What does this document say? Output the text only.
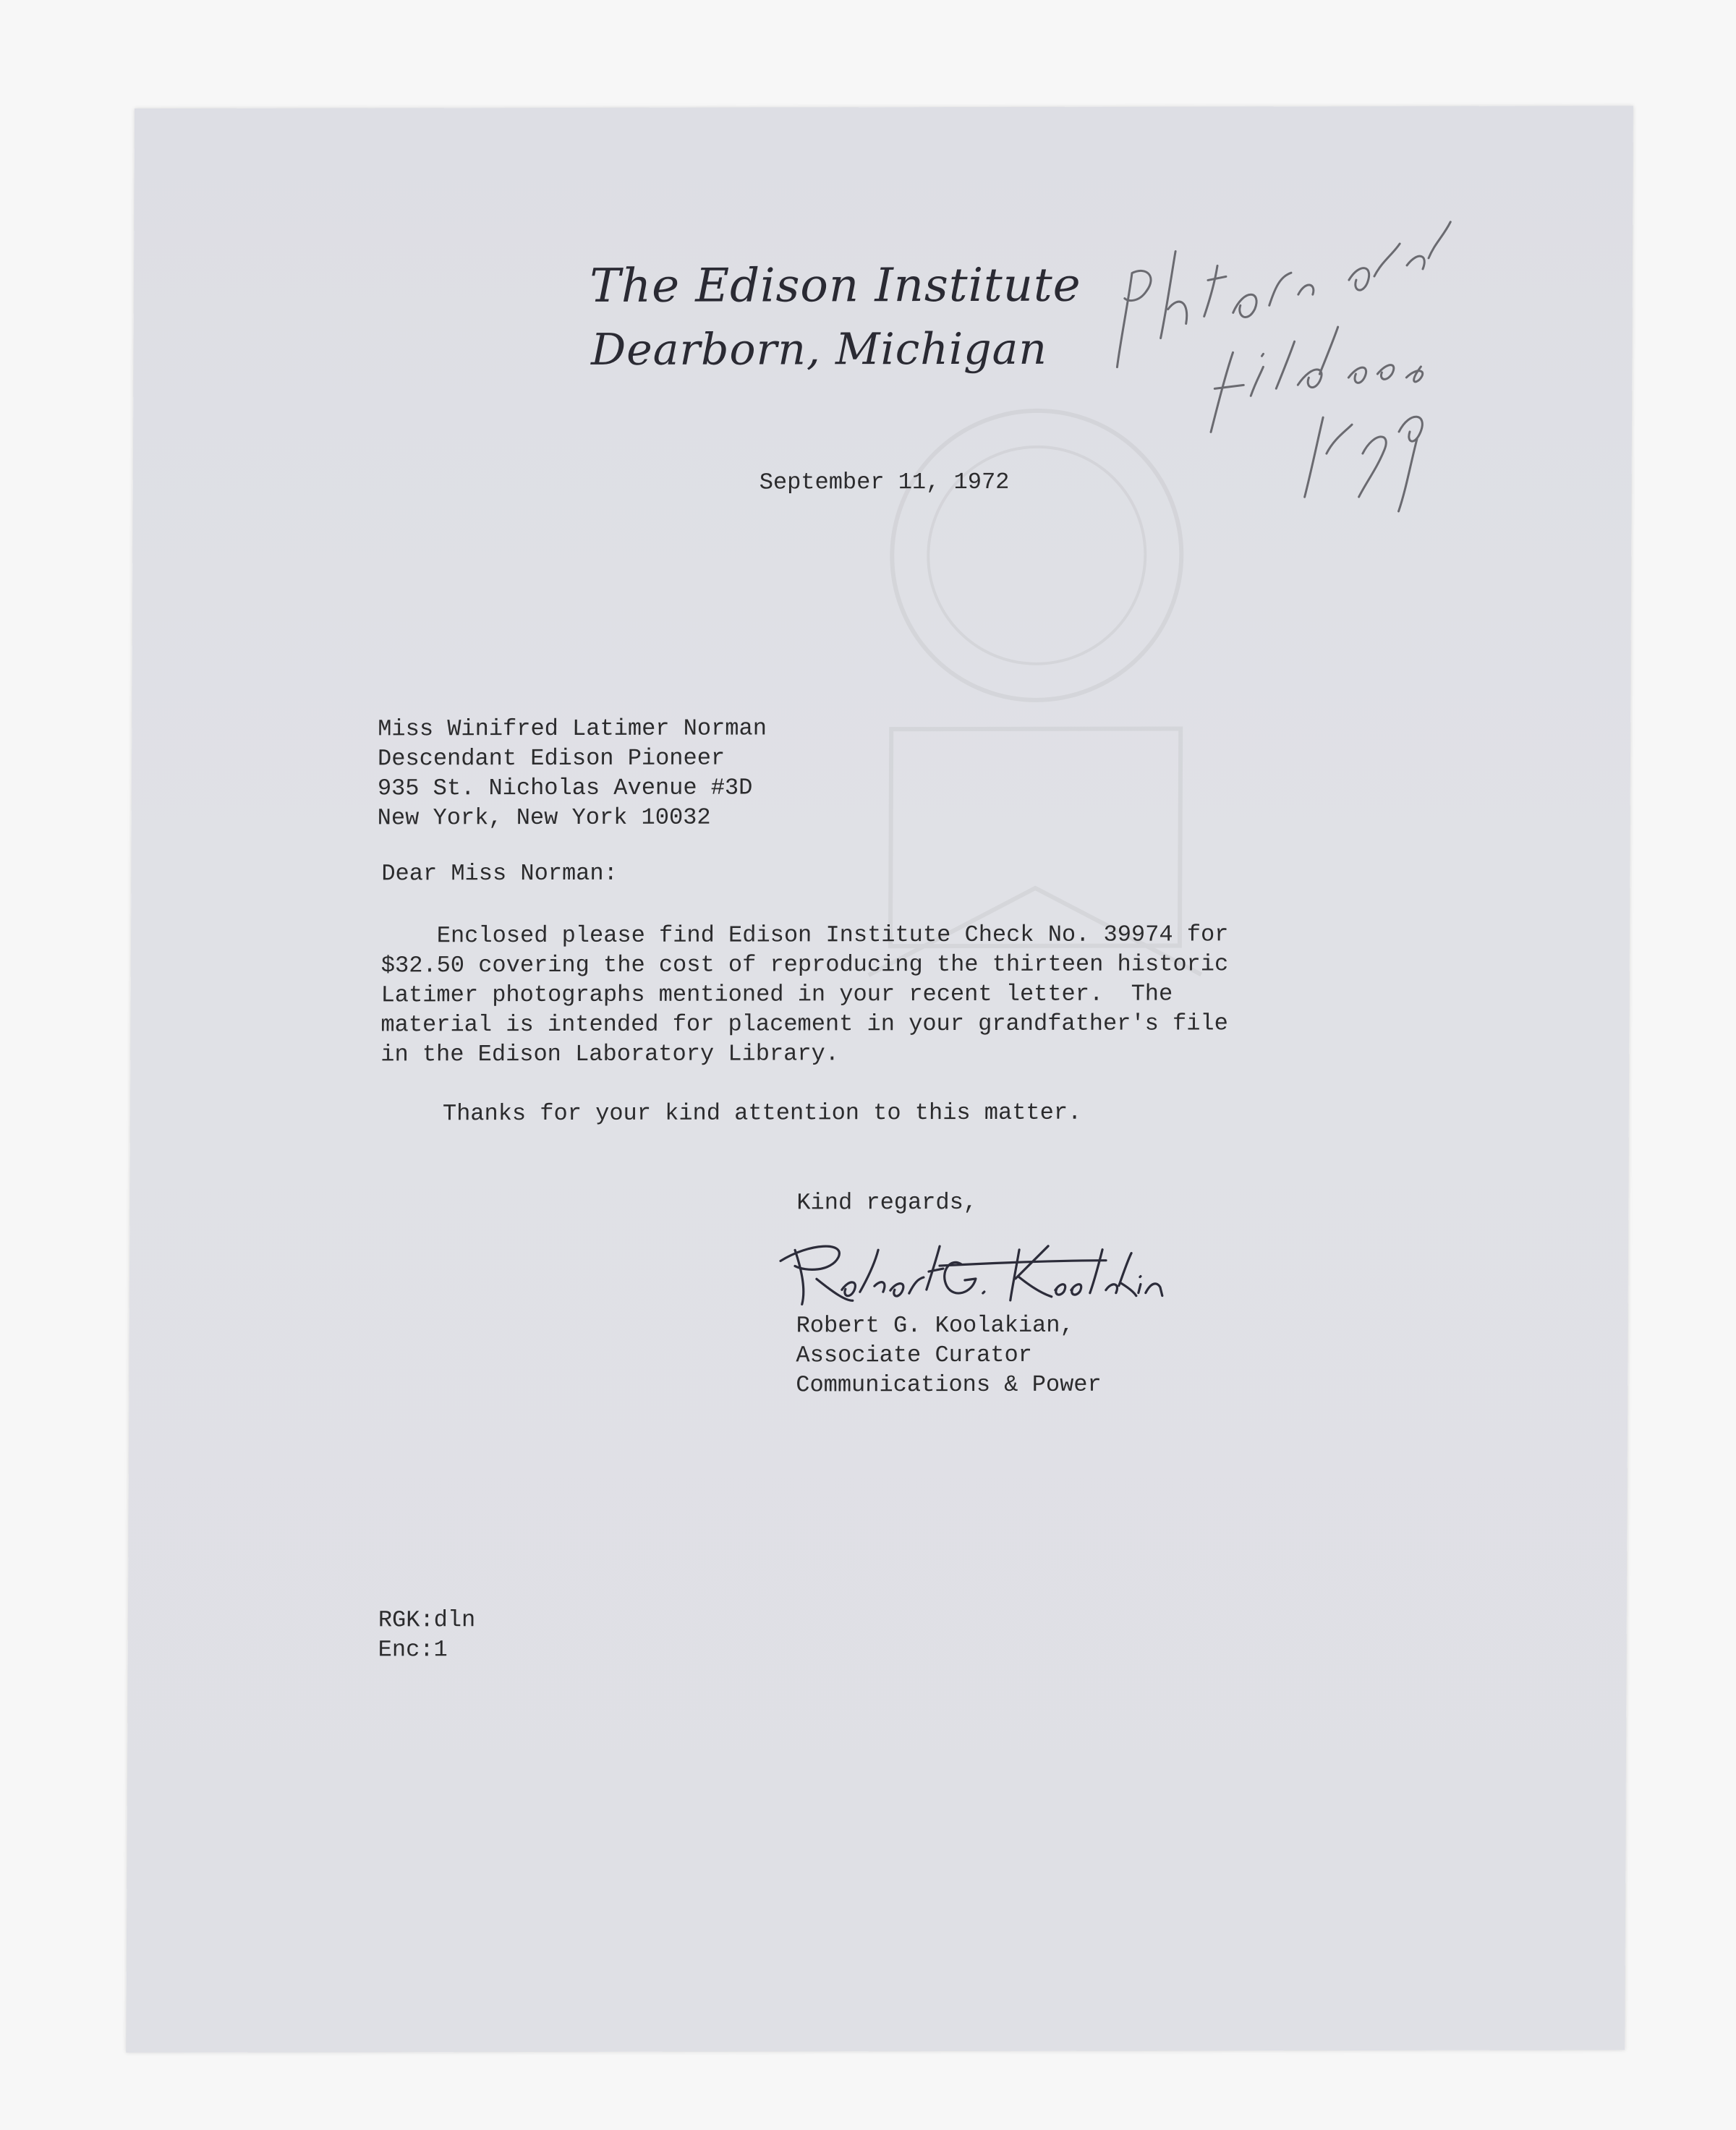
The Edison Institute
Dearborn, Michigan
September 11, 1972
Miss Winifred Latimer Norman
Descendant Edison Pioneer
935 St. Nicholas Avenue #3D
New York, New York 10032
Dear Miss Norman:
Enclosed please find Edison Institute Check No. 39974 for
$32.50 covering the cost of reproducing the thirteen historic
Latimer photographs mentioned in your recent letter.  The
material is intended for placement in your grandfather's file
in the Edison Laboratory Library.
Thanks for your kind attention to this matter.
Kind regards,
Robert G. Koolakian,
Associate Curator
Communications & Power
RGK:dln
Enc:1
